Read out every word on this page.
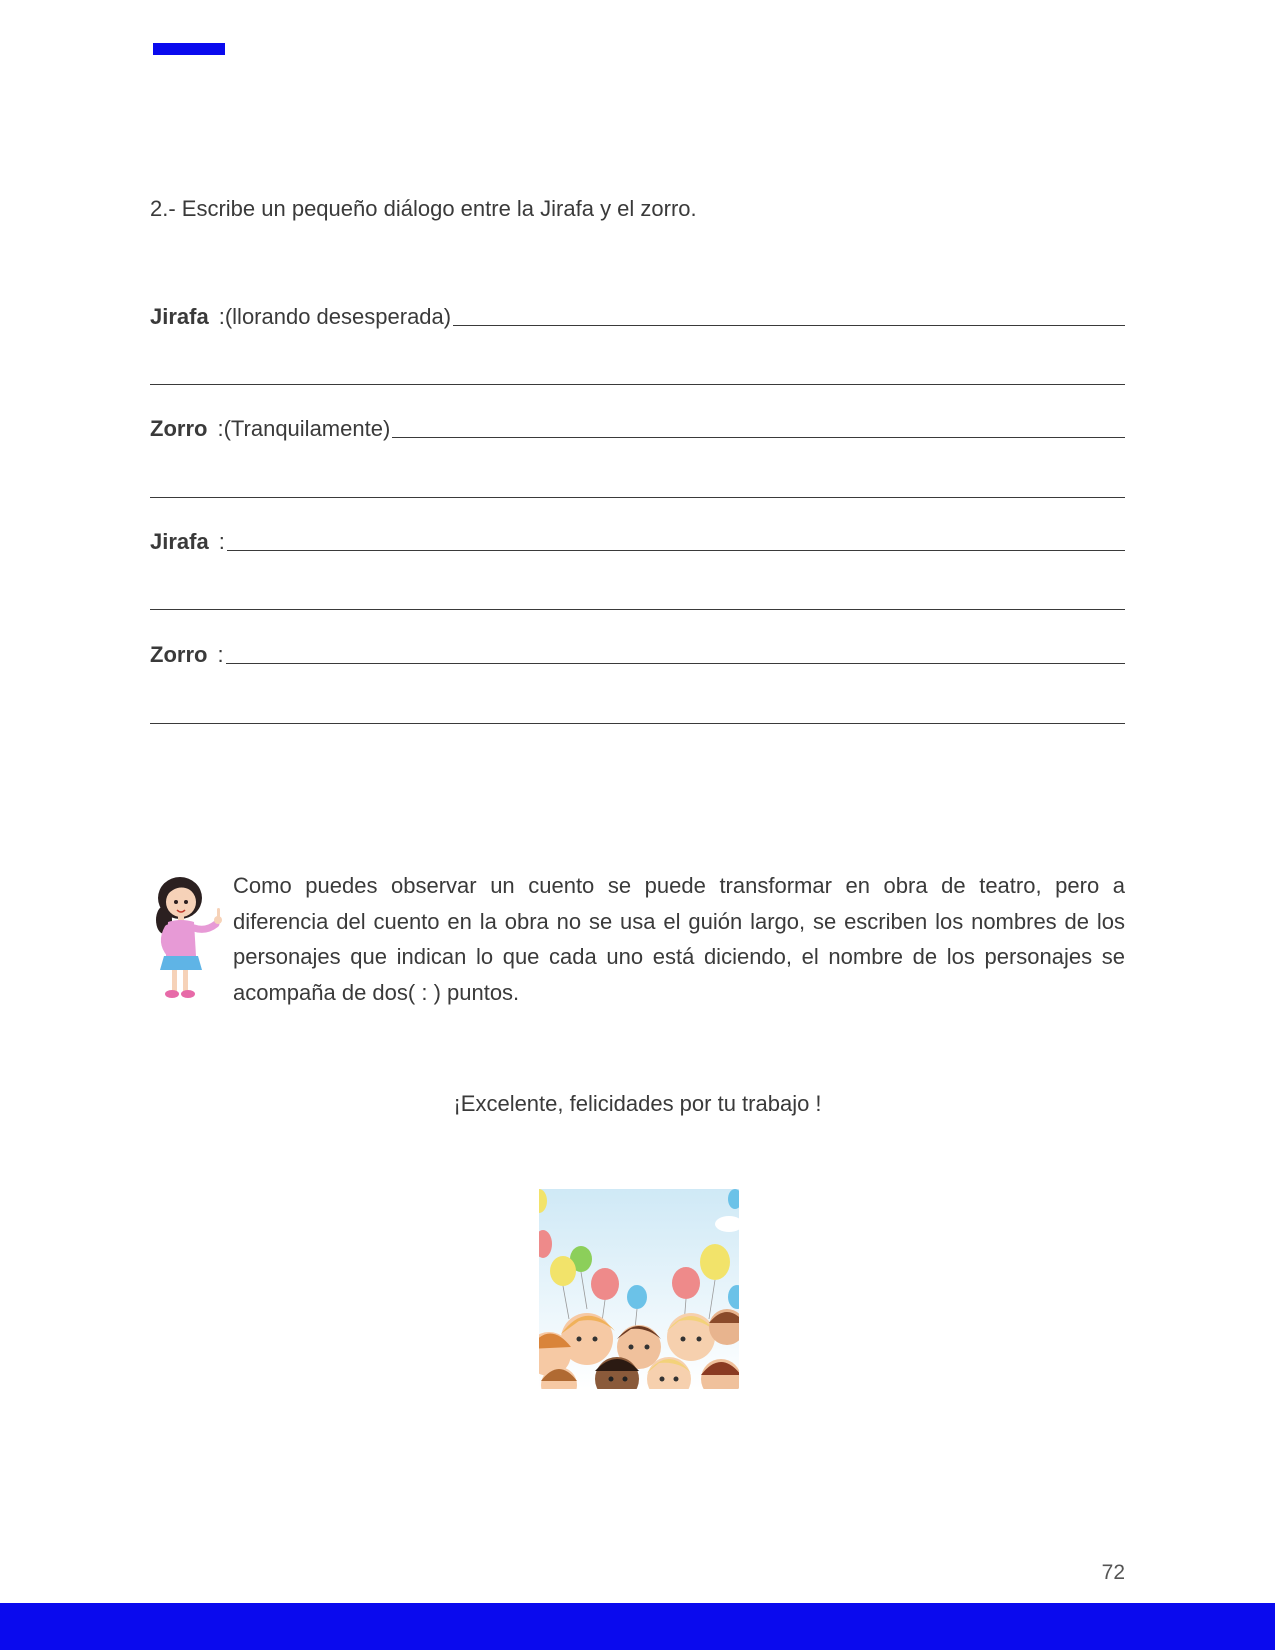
2.- Escribe un pequeño diálogo entre la Jirafa y el zorro.
Jirafa : (llorando desesperada)
Zorro : (Tranquilamente)
Jirafa :
Zorro :
Como puedes observar un cuento se puede transformar en obra de teatro, pero a diferencia del cuento en la obra no se usa el guión largo, se escriben los nombres de los personajes que indican lo que cada uno está diciendo, el nombre de los personajes se acompaña de dos( : ) puntos.
¡Excelente, felicidades por tu trabajo !
72
